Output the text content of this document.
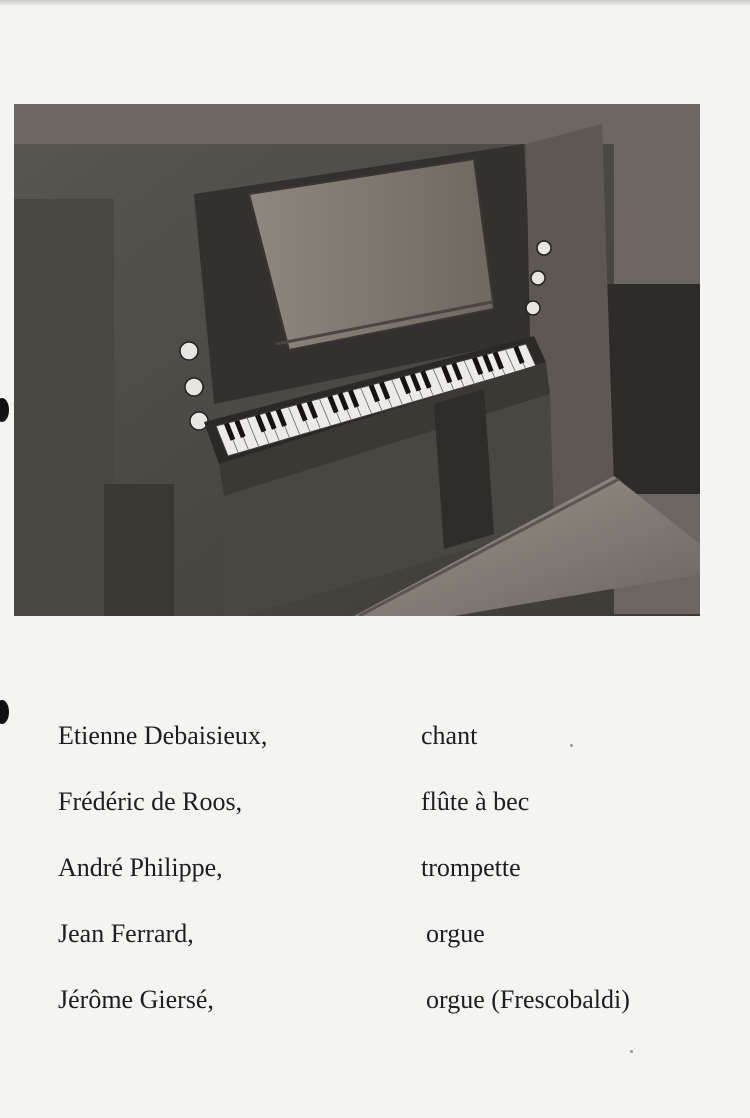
Etienne Debaisieux,	chant
Frédéric de Roos,	flûte à bec
André Philippe,	trompette
Jean Ferrard,	orgue
Jérôme Giersé,	orgue (Frescobaldi)
